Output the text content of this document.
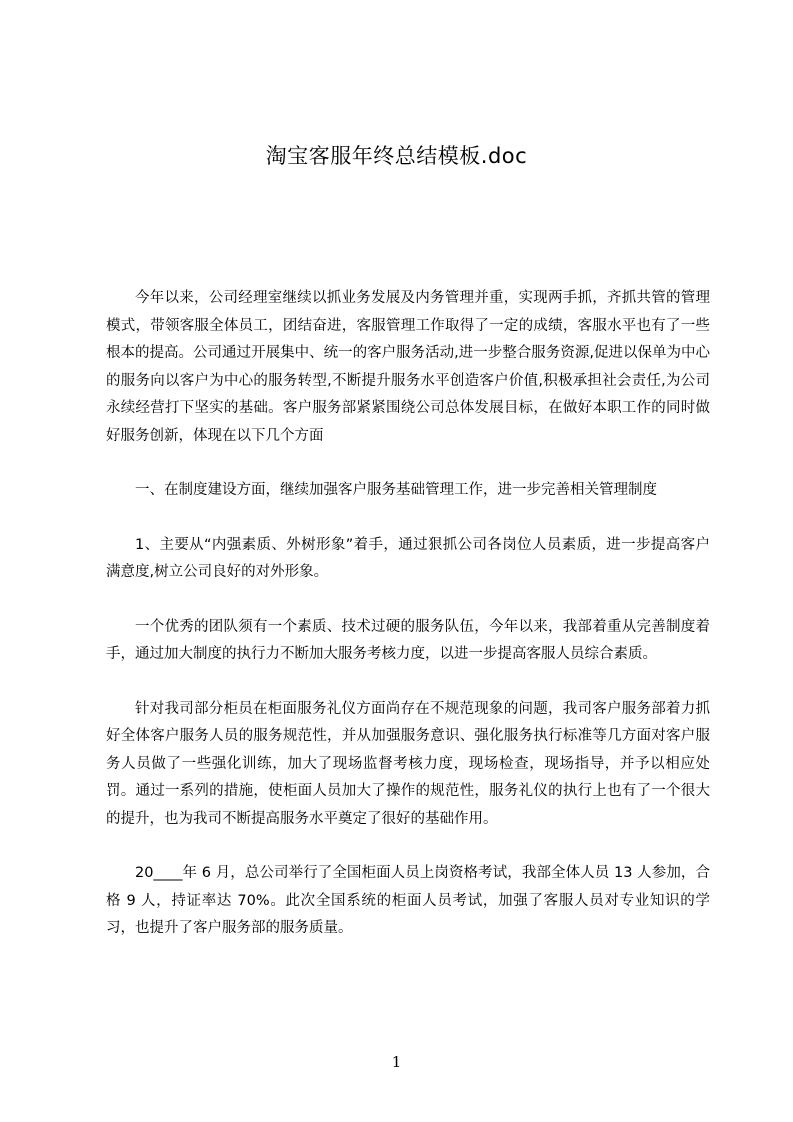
淘宝客服年终总结模板.doc

今年以来，公司经理室继续以抓业务发展及内务管理并重，实现两手抓，齐抓共管的管理模式，带领客服全体员工，团结奋进，客服管理工作取得了一定的成绩，客服水平也有了一些根本的提高。公司通过开展集中、统一的客户服务活动,进一步整合服务资源,促进以保单为中心的服务向以客户为中心的服务转型,不断提升服务水平创造客户价值,积极承担社会责任,为公司永续经营打下坚实的基础。客户服务部紧紧围绕公司总体发展目标，在做好本职工作的同时做好服务创新，体现在以下几个方面

一、在制度建设方面，继续加强客户服务基础管理工作，进一步完善相关管理制度

1、主要从“内强素质、外树形象”着手，通过狠抓公司各岗位人员素质，进一步提高客户满意度,树立公司良好的对外形象。

一个优秀的团队须有一个素质、技术过硬的服务队伍，今年以来，我部着重从完善制度着手，通过加大制度的执行力不断加大服务考核力度，以进一步提高客服人员综合素质。

针对我司部分柜员在柜面服务礼仪方面尚存在不规范现象的问题，我司客户服务部着力抓好全体客户服务人员的服务规范性，并从加强服务意识、强化服务执行标准等几方面对客户服务人员做了一些强化训练，加大了现场监督考核力度，现场检查，现场指导，并予以相应处罚。通过一系列的措施，使柜面人员加大了操作的规范性，服务礼仪的执行上也有了一个很大的提升，也为我司不断提高服务水平奠定了很好的基础作用。

20____年 6 月，总公司举行了全国柜面人员上岗资格考试，我部全体人员 13 人参加，合格 9 人，持证率达 70%。此次全国系统的柜面人员考试，加强了客服人员对专业知识的学习，也提升了客户服务部的服务质量。

1
